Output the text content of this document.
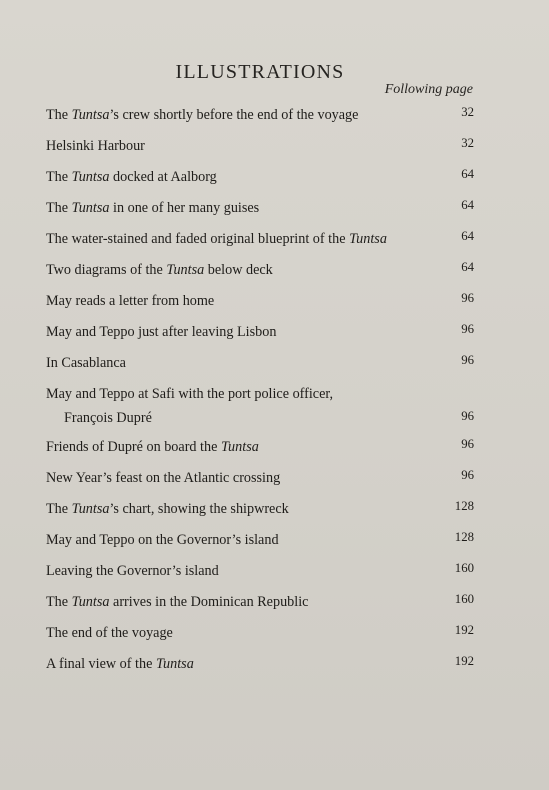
ILLUSTRATIONS
Following page
The Tuntsa’s crew shortly before the end of the voyage	32
Helsinki Harbour	32
The Tuntsa docked at Aalborg	64
The Tuntsa in one of her many guises	64
The water-stained and faded original blueprint of the Tuntsa	64
Two diagrams of the Tuntsa below deck	64
May reads a letter from home	96
May and Teppo just after leaving Lisbon	96
In Casablanca	96
May and Teppo at Safi with the port police officer,
François Dupré	96
Friends of Dupré on board the Tuntsa	96
New Year’s feast on the Atlantic crossing	96
The Tuntsa’s chart, showing the shipwreck	128
May and Teppo on the Governor’s island	128
Leaving the Governor’s island	160
The Tuntsa arrives in the Dominican Republic	160
The end of the voyage	192
A final view of the Tuntsa	192
